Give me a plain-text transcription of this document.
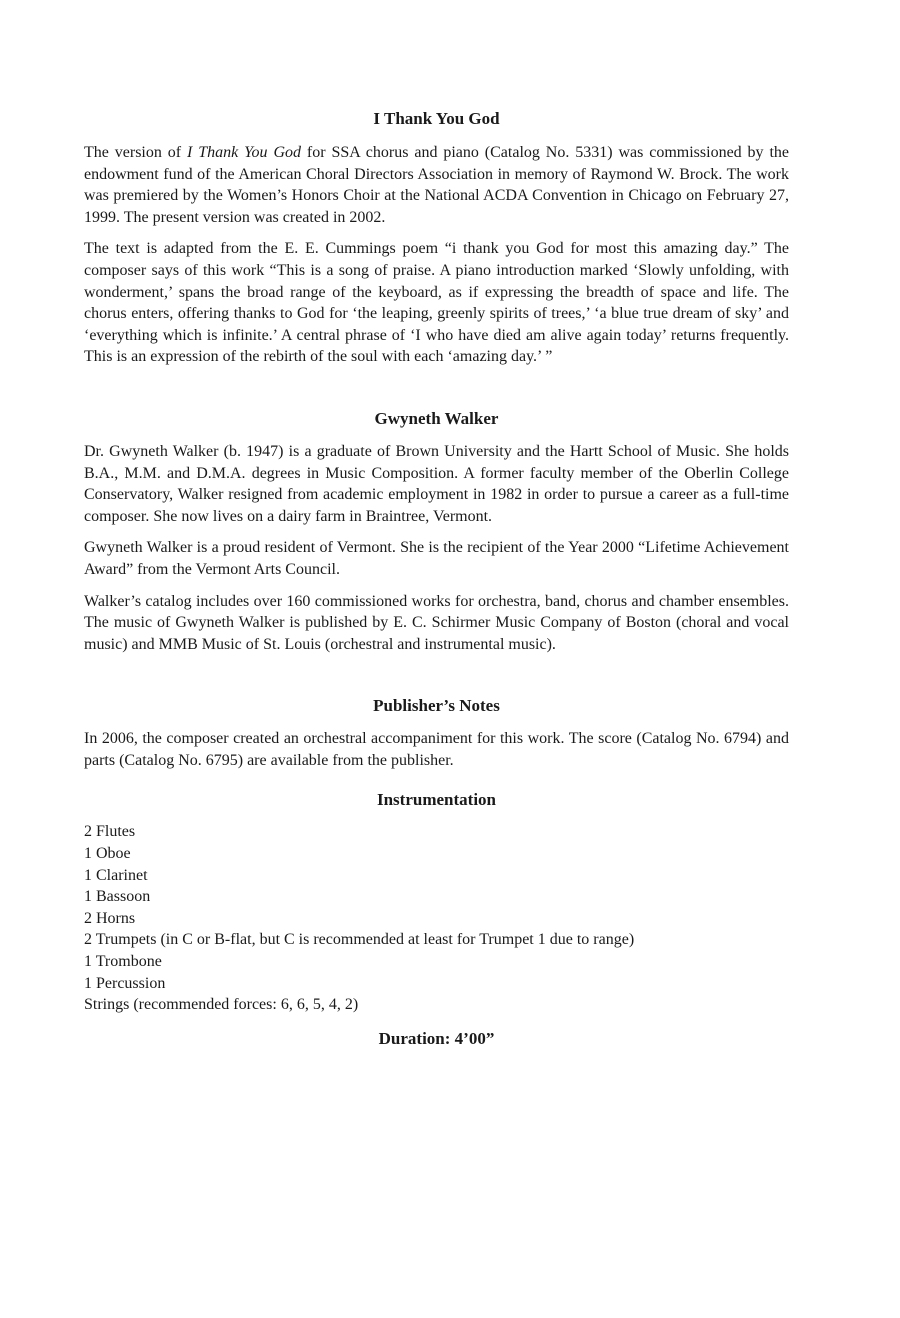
I Thank You God

The version of I Thank You God for SSA chorus and piano (Catalog No. 5331) was commissioned by the endowment fund of the American Choral Directors Association in memory of Raymond W. Brock. The work was premiered by the Women’s Honors Choir at the National ACDA Convention in Chicago on February 27, 1999. The present version was created in 2002.

The text is adapted from the E. E. Cummings poem “i thank you God for most this amazing day.” The composer says of this work “This is a song of praise. A piano introduction marked ‘Slowly unfolding, with wonderment,’ spans the broad range of the keyboard, as if expressing the breadth of space and life. The chorus enters, offering thanks to God for ‘the leaping, greenly spirits of trees,’ ‘a blue true dream of sky’ and ‘everything which is infinite.’ A central phrase of ‘I who have died am alive again today’ returns frequently. This is an expression of the rebirth of the soul with each ‘amazing day.’ ”

Gwyneth Walker

Dr. Gwyneth Walker (b. 1947) is a graduate of Brown University and the Hartt School of Music. She holds B.A., M.M. and D.M.A. degrees in Music Composition. A former faculty member of the Oberlin College Conservatory, Walker resigned from academic employment in 1982 in order to pursue a career as a full-time composer. She now lives on a dairy farm in Braintree, Vermont.

Gwyneth Walker is a proud resident of Vermont. She is the recipient of the Year 2000 “Lifetime Achievement Award” from the Vermont Arts Council.

Walker’s catalog includes over 160 commissioned works for orchestra, band, chorus and chamber ensembles. The music of Gwyneth Walker is published by E. C. Schirmer Music Company of Boston (choral and vocal music) and MMB Music of St. Louis (orchestral and instrumental music).

Publisher’s Notes

In 2006, the composer created an orchestral accompaniment for this work. The score (Catalog No. 6794) and parts (Catalog No. 6795) are available from the publisher.

Instrumentation
2 Flutes
1 Oboe
1 Clarinet
1 Bassoon
2 Horns
2 Trumpets (in C or B-flat, but C is recommended at least for Trumpet 1 due to range)
1 Trombone
1 Percussion
Strings (recommended forces: 6, 6, 5, 4, 2)
Duration: 4’00”
